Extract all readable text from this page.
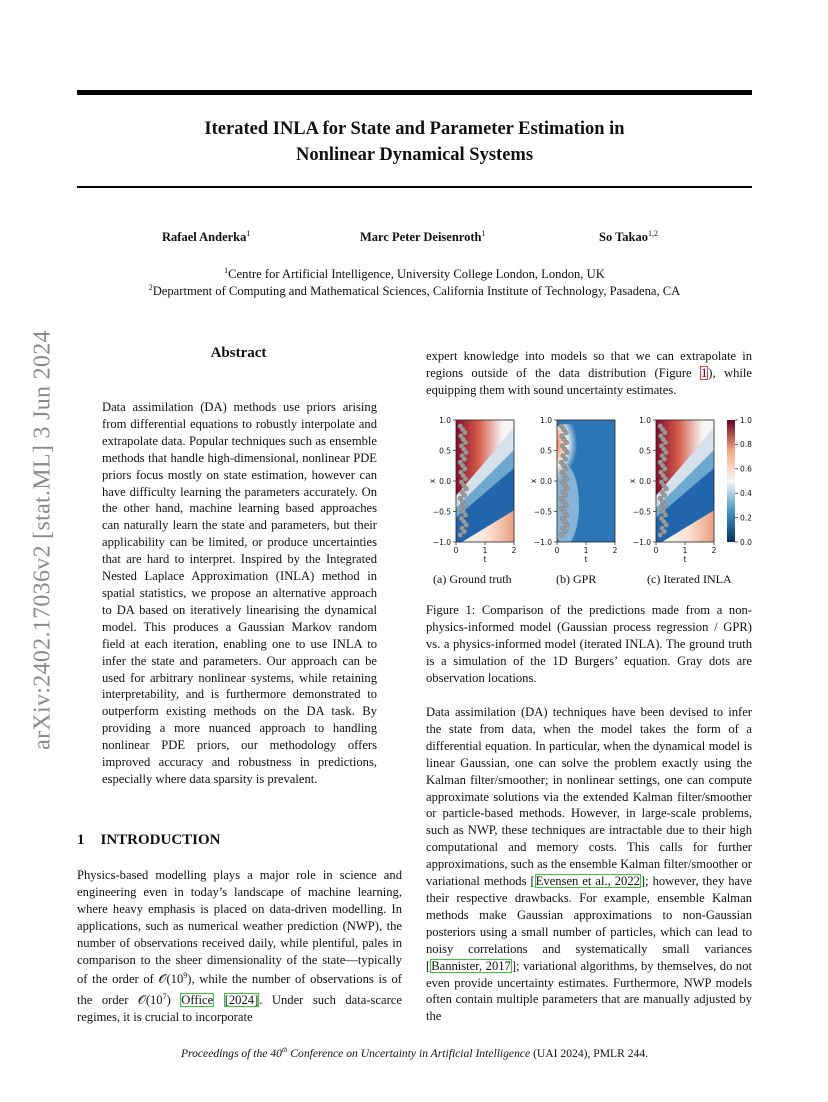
arXiv:2402.17036v2 [stat.ML] 3 Jun 2024
Iterated INLA for State and Parameter Estimation in
Nonlinear Dynamical Systems
Rafael Anderka$^1$	Marc Peter Deisenroth$^1$	So Takao$^{1,2}$
$^1$Centre for Artificial Intelligence, University College London, London, UK
$^2$Department of Computing and Mathematical Sciences, California Institute of Technology, Pasadena, CA
Abstract
Data assimilation (DA) methods use priors arising from differential equations to robustly interpolate and extrapolate data. Popular techniques such as ensemble methods that handle high-dimensional, nonlinear PDE priors focus mostly on state estimation, however can have difficulty learning the parameters accurately. On the other hand, machine learning based approaches can naturally learn the state and parameters, but their applicability can be limited, or produce uncertainties that are hard to interpret. Inspired by the Integrated Nested Laplace Approximation (INLA) method in spatial statistics, we propose an alternative approach to DA based on iteratively linearising the dynamical model. This produces a Gaussian Markov random field at each iteration, enabling one to use INLA to infer the state and parameters. Our approach can be used for arbitrary nonlinear systems, while retaining interpretability, and is furthermore demonstrated to outperform existing methods on the DA task. By providing a more nuanced approach to handling nonlinear PDE priors, our methodology offers improved accuracy and robustness in predictions, especially where data sparsity is prevalent.
1 INTRODUCTION
Physics-based modelling plays a major role in science and engineering even in today’s landscape of machine learning, where heavy emphasis is placed on data-driven modelling. In applications, such as numerical weather prediction (NWP), the number of observations received daily, while plentiful, pales in comparison to the sheer dimensionality of the state—typically of the order of $𝒪(10^9)$, while the number of observations is of the order $𝒪(10^7)$ Office [2024]. Under such data-scarce regimes, it is crucial to incorporate
expert knowledge into models so that we can extrapolate in regions outside of the data distribution (Figure 1), while equipping them with sound uncertainty estimates.
1.0
0.5
0.0
−0.5
−1.0
0	1	2
t
x
1.0
0.5
0.0
−0.5
−1.0
0	1	2
t
x
1.0
0.5
0.0
−0.5
−1.0
0	1	2
t
x
1.0
0.8
0.6
0.4
0.2
0.0
(a) Ground truth	(b) GPR	(c) Iterated INLA
Figure 1: Comparison of the predictions made from a non-physics-informed model (Gaussian process regression / GPR) vs. a physics-informed model (iterated INLA). The ground truth is a simulation of the 1D Burgers’ equation. Gray dots are observation locations.
Data assimilation (DA) techniques have been devised to infer the state from data, when the model takes the form of a differential equation. In particular, when the dynamical model is linear Gaussian, one can solve the problem exactly using the Kalman filter/smoother; in nonlinear settings, one can compute approximate solutions via the extended Kalman filter/smoother or particle-based methods. However, in large-scale problems, such as NWP, these techniques are intractable due to their high computational and memory costs. This calls for further approximations, such as the ensemble Kalman filter/smoother or variational methods [Evensen et al., 2022]; however, they have their respective drawbacks. For example, ensemble Kalman methods make Gaussian approximations to non-Gaussian posteriors using a small number of particles, which can lead to noisy correlations and systematically small variances [Bannister, 2017]; variational algorithms, by themselves, do not even provide uncertainty estimates. Furthermore, NWP models often contain multiple parameters that are manually adjusted by the
Proceedings of the 40th Conference on Uncertainty in Artificial Intelligence (UAI 2024), PMLR 244.
